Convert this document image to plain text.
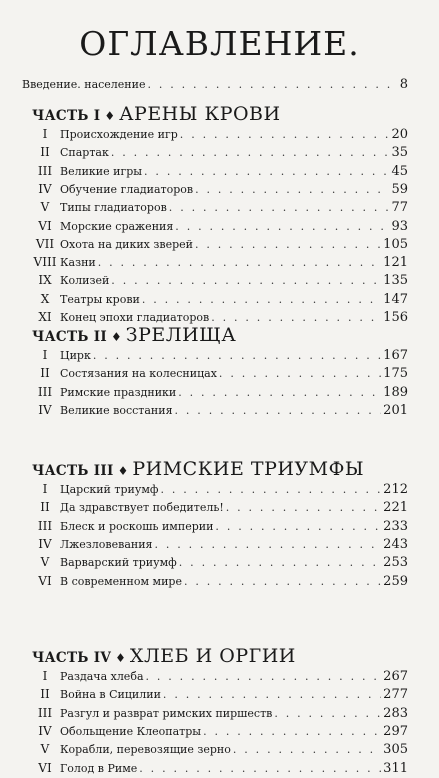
ОГЛАВЛЕНИЕ.
Введение. население . . .	8
ЧАСТЬ I ♦ АРЕНЫ КРОВИ
I	Происхождение игр . . .	20
II Спартак . . .	35
III Великие игры . . .	45
IV Обучение гладиаторов . . .	59
V Типы гладиаторов . . .	77
VI Морские сражения . . .	93
VII Охота на диких зверей . . .	105
VIII Казни . . .	121
IX Колизей . . .	135
X Театры крови . . .	147
XI Конец эпохи гладиаторов . . .	156
ЧАСТЬ II ♦ ЗРЕЛИЩА
I	Цирк . . .	167
II Состязания на колесницах . . .	175
III Римские праздники . . .	189
IV Великие восстания . . .	201
ЧАСТЬ III ♦ РИМСКИЕ ТРИУМФЫ
I	Царский триумф . . .	212
II Да здравствует победитель! . . .	221
III Блеск и роскошь империи . . .	233
IV Лжезловевания . . .	243
V Варварский триумф . . .	253
VI В современном мире . . .	259
ЧАСТЬ IV ♦ ХЛЕБ И ОРГИИ
I	Раздача хлеба . . .	267
II Война в Сицилии . . .	277
III Разгул и разврат римских пиршеств . . .	283
IV Обольщение Клеопатры . . .	297
V Корабли, перевозящие зерно . . .	305
VI Голод в Риме . . .	311
